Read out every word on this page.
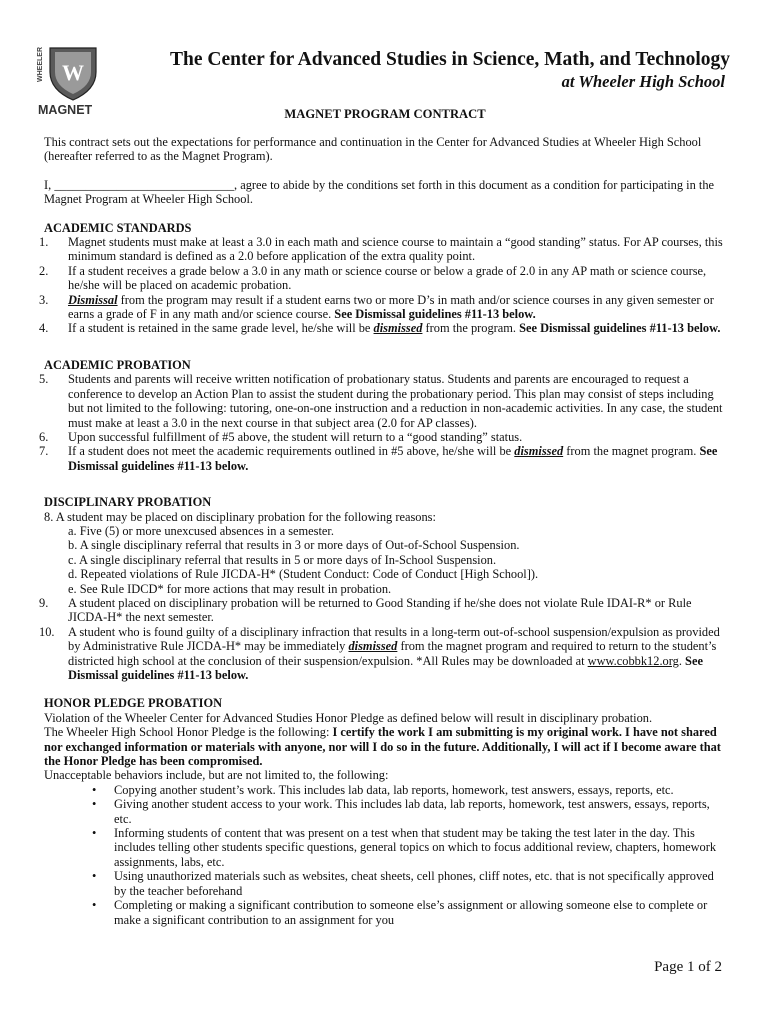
WHEELER W
MAGNET
The Center for Advanced Studies in Science, Math, and Technology
at Wheeler High School
MAGNET PROGRAM CONTRACT

This contract sets out the expectations for performance and continuation in the Center for Advanced Studies at Wheeler High School (hereafter referred to as the Magnet Program).

I, _____________________________, agree to abide by the conditions set forth in this document as a condition for participating in the Magnet Program at Wheeler High School.

ACADEMIC STANDARDS

1.	Magnet students must make at least a 3.0 in each math and science course to maintain a “good standing” status. For AP courses, this minimum standard is defined as a 2.0 before application of the extra quality point.
2.	If a student receives a grade below a 3.0 in any math or science course or below a grade of 2.0 in any AP math or science course, he/she will be placed on academic probation.
3.	Dismissal from the program may result if a student earns two or more D’s in math and/or science courses in any given semester or earns a grade of F in any math and/or science course. See Dismissal guidelines #11-13 below.
4.	If a student is retained in the same grade level, he/she will be dismissed from the program. See Dismissal guidelines #11-13 below.

ACADEMIC PROBATION

5.	Students and parents will receive written notification of probationary status. Students and parents are encouraged to request a conference to develop an Action Plan to assist the student during the probationary period. This plan may consist of steps including but not limited to the following: tutoring, one-on-one instruction and a reduction in non-academic activities. In any case, the student must make at least a 3.0 in the next course in that subject area (2.0 for AP classes).
6.	Upon successful fulfillment of #5 above, the student will return to a “good standing” status.
7.	If a student does not meet the academic requirements outlined in #5 above, he/she will be dismissed from the magnet program. See Dismissal guidelines #11-13 below.

DISCIPLINARY PROBATION

8. A student may be placed on disciplinary probation for the following reasons:

a. Five (5) or more unexcused absences in a semester.

b. A single disciplinary referral that results in 3 or more days of Out-of-School Suspension.

c. A single disciplinary referral that results in 5 or more days of In-School Suspension.

d. Repeated violations of Rule JICDA-H* (Student Conduct: Code of Conduct [High School]).

e. See Rule IDCD* for more actions that may result in probation.

9.	A student placed on disciplinary probation will be returned to Good Standing if he/she does not violate Rule IDAI-R* or Rule JICDA-H* the next semester.
10.	A student who is found guilty of a disciplinary infraction that results in a long-term out-of-school suspension/expulsion as provided by Administrative Rule JICDA-H* may be immediately dismissed from the magnet program and required to return to the student’s districted high school at the conclusion of their suspension/expulsion. *All Rules may be downloaded at www.cobbk12.org. See Dismissal guidelines #11-13 below.

HONOR PLEDGE PROBATION

Violation of the Wheeler Center for Advanced Studies Honor Pledge as defined below will result in disciplinary probation.

The Wheeler High School Honor Pledge is the following: I certify the work I am submitting is my original work. I have not shared nor exchanged information or materials with anyone, nor will I do so in the future. Additionally, I will act if I become aware that the Honor Pledge has been compromised.

Unacceptable behaviors include, but are not limited to, the following:

• Copying another student’s work. This includes lab data, lab reports, homework, test answers, essays, reports, etc.
• Giving another student access to your work. This includes lab data, lab reports, homework, test answers, essays, reports, etc.
• Informing students of content that was present on a test when that student may be taking the test later in the day. This includes telling other students specific questions, general topics on which to focus additional review, chapters, homework assignments, labs, etc.
• Using unauthorized materials such as websites, cheat sheets, cell phones, cliff notes, etc. that is not specifically approved by the teacher beforehand
• Completing or making a significant contribution to someone else’s assignment or allowing someone else to complete or make a significant contribution to an assignment for you
Page 1 of 2
